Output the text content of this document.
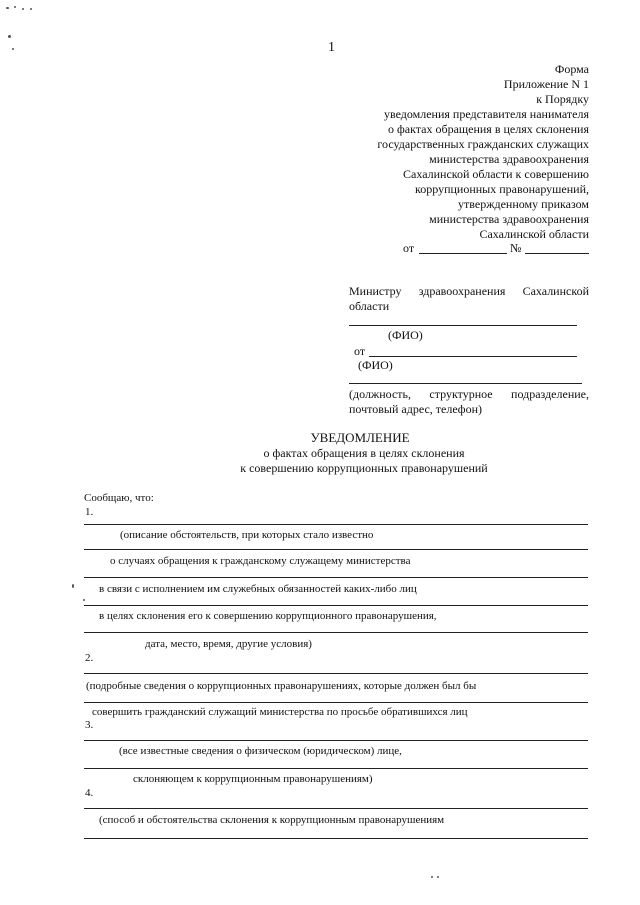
1
Форма
Приложение N 1
к Порядку
уведомления представителя нанимателя
о фактах обращения в целях склонения
государственных гражданских служащих
министерства здравоохранения
Сахалинской области к совершению
коррупционных правонарушений,
утвержденному приказом
министерства здравоохранения
Сахалинской области
от	№
Министру здравоохранения Сахалинской области
(ФИО)
от
(ФИО)
(должность, структурное подразделение, почтовый адрес, телефон)
УВЕДОМЛЕНИЕ
о фактах обращения в целях склонения
к совершению коррупционных правонарушений
Сообщаю, что:
1.
(описание обстоятельств, при которых стало известно
о случаях обращения к гражданскому служащему министерства
в связи с исполнением им служебных обязанностей каких-либо лиц
в целях склонения его к совершению коррупционного правонарушения,
дата, место, время, другие условия)
2.
(подробные сведения о коррупционных правонарушениях, которые должен был бы
совершить гражданский служащий министерства по просьбе обратившихся лиц
3.
(все известные сведения о физическом (юридическом) лице,
склоняющем к коррупционным правонарушениям)
4.
(способ и обстоятельства склонения к коррупционным правонарушениям
